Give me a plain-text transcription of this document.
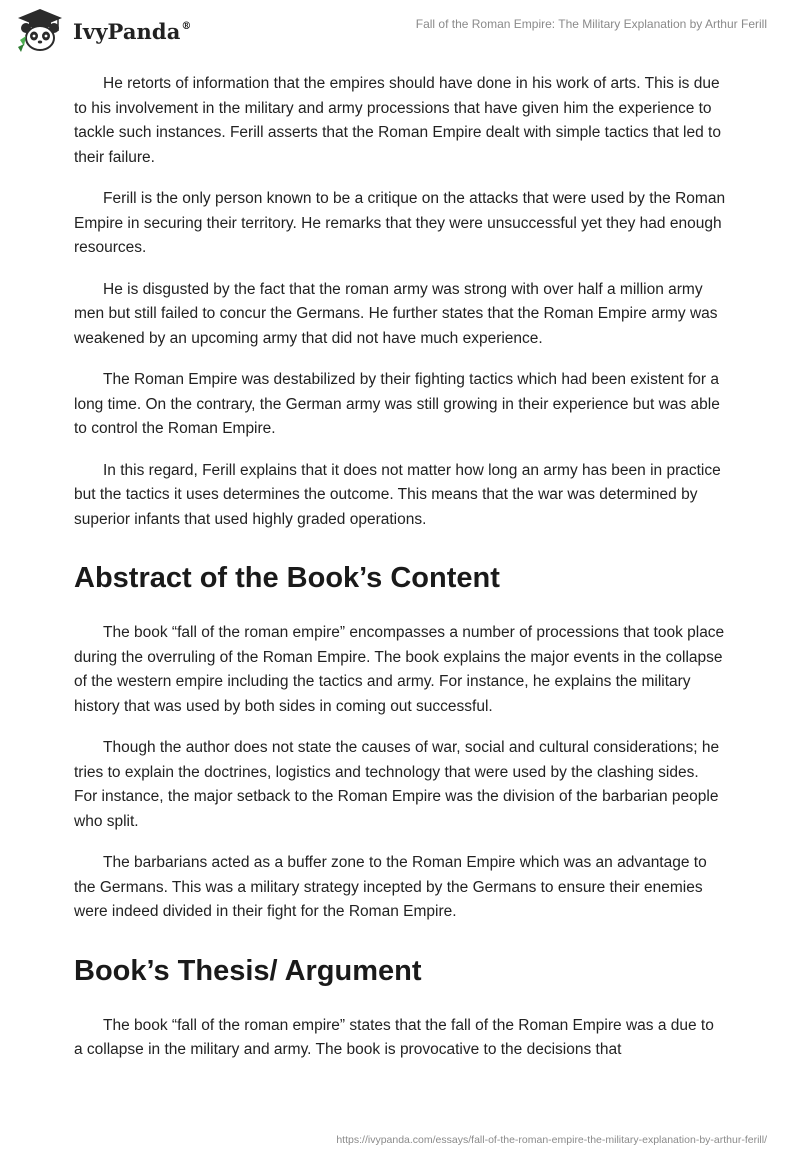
IvyPanda®	Fall of the Roman Empire: The Military Explanation by Arthur Ferill

He retorts of information that the empires should have done in his work of arts. This is due to his involvement in the military and army processions that have given him the experience to tackle such instances. Ferill asserts that the Roman Empire dealt with simple tactics that led to their failure.

Ferill is the only person known to be a critique on the attacks that were used by the Roman Empire in securing their territory. He remarks that they were unsuccessful yet they had enough resources.

He is disgusted by the fact that the roman army was strong with over half a million army men but still failed to concur the Germans. He further states that the Roman Empire army was weakened by an upcoming army that did not have much experience.

The Roman Empire was destabilized by their fighting tactics which had been existent for a long time. On the contrary, the German army was still growing in their experience but was able to control the Roman Empire.

In this regard, Ferill explains that it does not matter how long an army has been in practice but the tactics it uses determines the outcome. This means that the war was determined by superior infants that used highly graded operations.

Abstract of the Book’s Content

The book “fall of the roman empire” encompasses a number of processions that took place during the overruling of the Roman Empire. The book explains the major events in the collapse of the western empire including the tactics and army. For instance, he explains the military history that was used by both sides in coming out successful.

Though the author does not state the causes of war, social and cultural considerations; he tries to explain the doctrines, logistics and technology that were used by the clashing sides. For instance, the major setback to the Roman Empire was the division of the barbarian people who split.

The barbarians acted as a buffer zone to the Roman Empire which was an advantage to the Germans. This was a military strategy incepted by the Germans to ensure their enemies were indeed divided in their fight for the Roman Empire.

Book’s Thesis/ Argument

The book “fall of the roman empire” states that the fall of the Roman Empire was a due to a collapse in the military and army. The book is provocative to the decisions that

https://ivypanda.com/essays/fall-of-the-roman-empire-the-military-explanation-by-arthur-ferill/
